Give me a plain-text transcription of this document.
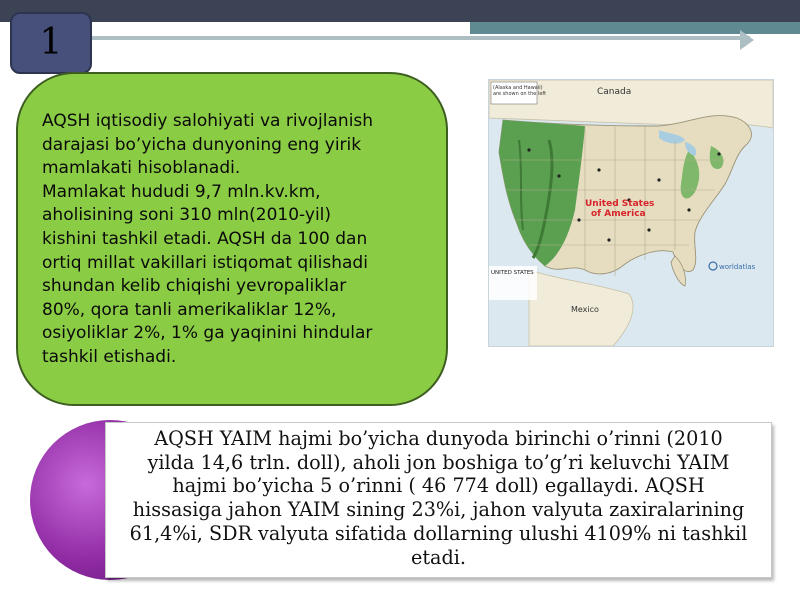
1

AQSH iqtisodiy salohiyati va rivojlanish
darajasi bo’yicha dunyoning eng yirik
mamlakati hisoblanadi.
Mamlakat hududi 9,7 mln.kv.km,
aholisining soni 310 mln(2010-yil)
kishini tashkil etadi. AQSH da 100 dan
ortiq millat vakillari istiqomat qilishadi
shundan kelib chiqishi yevropaliklar
80%, qora tanli amerikaliklar 12%,
osiyoliklar 2%, 1% ga yaqinini hindular
tashkil etishadi.

(Alaska and Hawaii) are shown on the left	Canada
United States
of America
UNITED STATES
Mexico
worldatlas

AQSH YAIM hajmi bo’yicha dunyoda birinchi o’rinni (2010
yilda 14,6 trln. doll), aholi jon boshiga to’g’ri keluvchi YAIM
hajmi bo’yicha 5 o’rinni ( 46 774 doll) egallaydi. AQSH
hissasiga jahon YAIM sining 23%i, jahon valyuta zaxiralarining
61,4%i, SDR valyuta sifatida dollarning ulushi 4109% ni tashkil
etadi.
